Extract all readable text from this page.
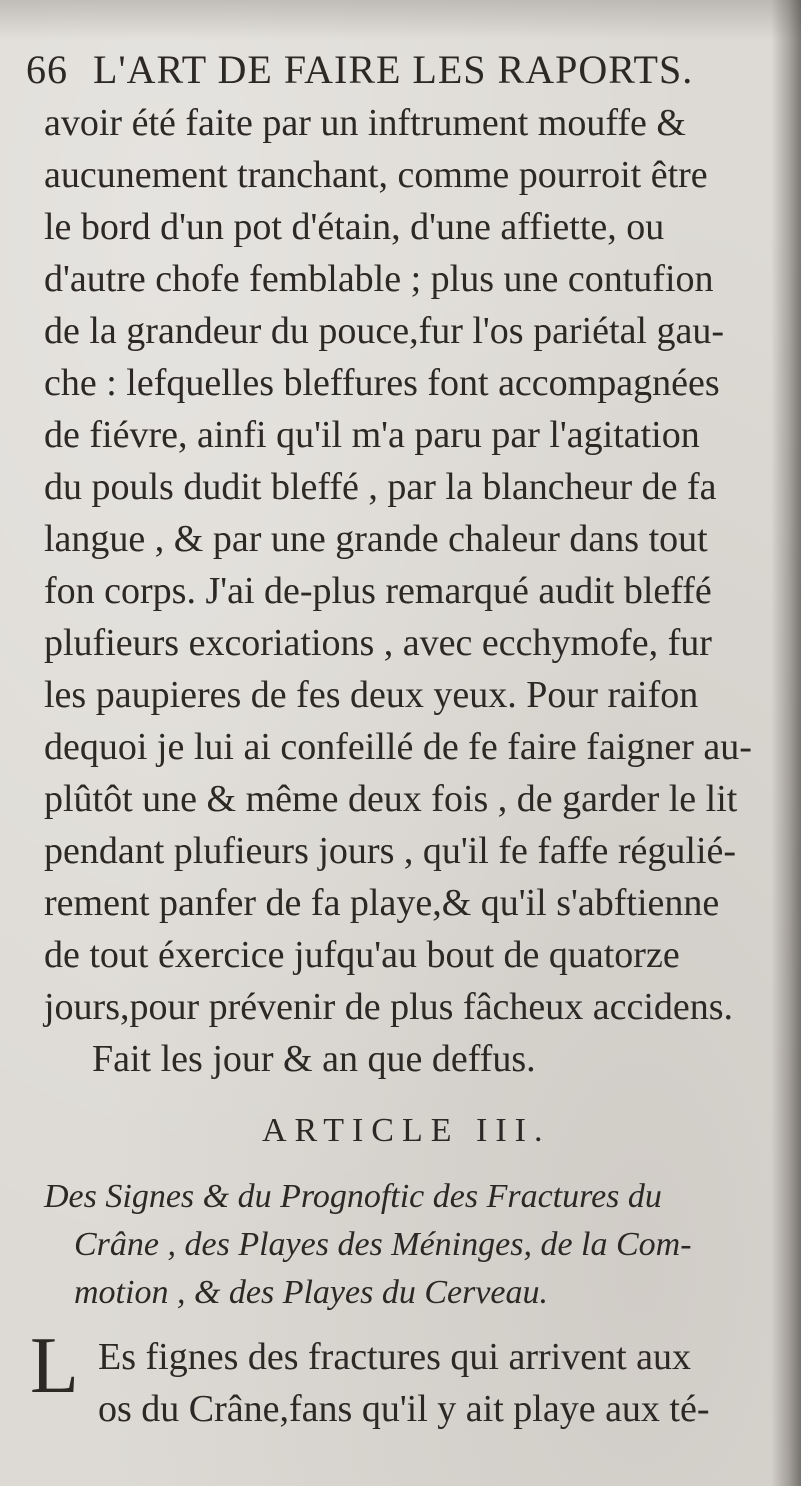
66 L'ART DE FAIRE LES RAPORTS.
avoir été faite par un inftrument mouffe &
aucunement tranchant, comme pourroit être
le bord d'un pot d'étain, d'une affiette, ou
d'autre chofe femblable ; plus une contufion
de la grandeur du pouce,fur l'os pariétal gau-
che : lefquelles bleffures font accompagnées
de fiévre, ainfi qu'il m'a paru par l'agitation
du pouls dudit bleffé , par la blancheur de fa
langue , & par une grande chaleur dans tout
fon corps. J'ai de-plus remarqué audit bleffé
plufieurs excoriations , avec ecchymofe, fur
les paupieres de fes deux yeux. Pour raifon
dequoi je lui ai confeillé de fe faire faigner au-
plûtôt une & même deux fois , de garder le lit
pendant plufieurs jours , qu'il fe faffe régulié-
rement panfer de fa playe,& qu'il s'abftienne
de tout éxercice jufqu'au bout de quatorze
jours,pour prévenir de plus fâcheux accidens.
Fait les jour & an que deffus.
ARTICLE III.
Des Signes & du Prognoftic des Fractures du
Crâne , des Playes des Méninges, de la Com-
motion , & des Playes du Cerveau.
L Es fignes des fractures qui arrivent aux
os du Crâne,fans qu'il y ait playe aux té-
